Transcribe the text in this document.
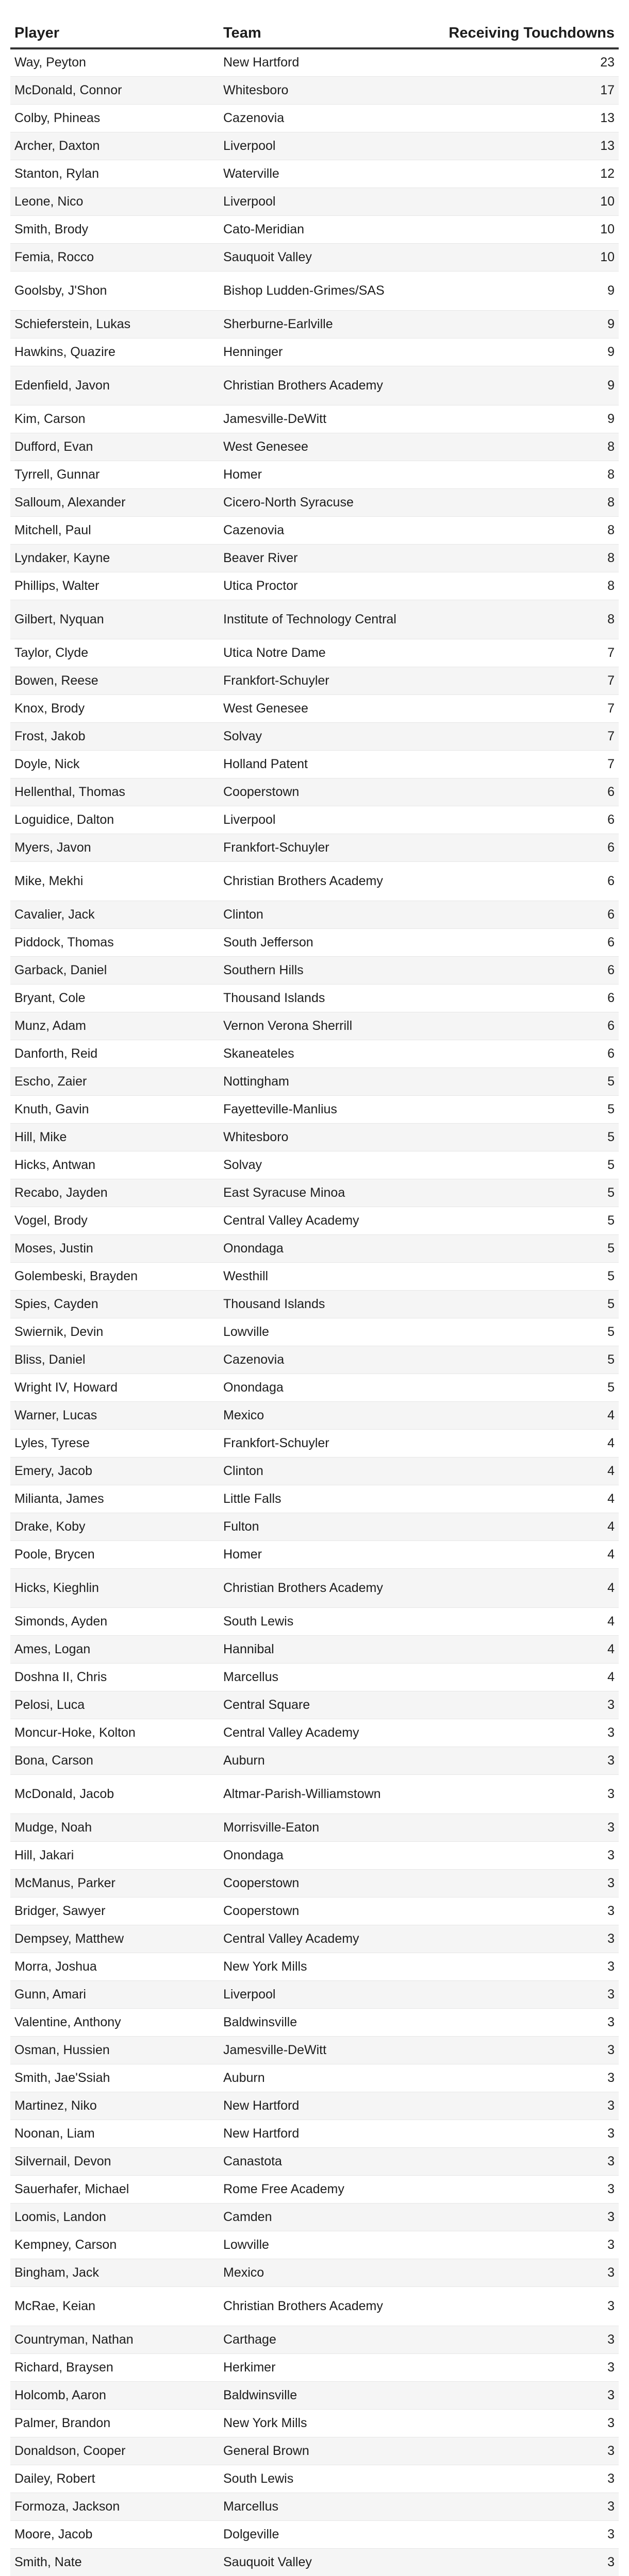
Player	Team	Receiving Touchdowns
Way, Peyton	New Hartford	23
McDonald, Connor	Whitesboro	17
Colby, Phineas	Cazenovia	13
Archer, Daxton	Liverpool	13
Stanton, Rylan	Waterville	12
Leone, Nico	Liverpool	10
Smith, Brody	Cato-Meridian	10
Femia, Rocco	Sauquoit Valley	10
Goolsby, J'Shon	Bishop Ludden-Grimes/SAS	9
Schieferstein, Lukas	Sherburne-Earlville	9
Hawkins, Quazire	Henninger	9
Edenfield, Javon	Christian Brothers Academy	9
Kim, Carson	Jamesville-DeWitt	9
Dufford, Evan	West Genesee	8
Tyrrell, Gunnar	Homer	8
Salloum, Alexander	Cicero-North Syracuse	8
Mitchell, Paul	Cazenovia	8
Lyndaker, Kayne	Beaver River	8
Phillips, Walter	Utica Proctor	8
Gilbert, Nyquan	Institute of Technology Central	8
Taylor, Clyde	Utica Notre Dame	7
Bowen, Reese	Frankfort-Schuyler	7
Knox, Brody	West Genesee	7
Frost, Jakob	Solvay	7
Doyle, Nick	Holland Patent	7
Hellenthal, Thomas	Cooperstown	6
Loguidice, Dalton	Liverpool	6
Myers, Javon	Frankfort-Schuyler	6
Mike, Mekhi	Christian Brothers Academy	6
Cavalier, Jack	Clinton	6
Piddock, Thomas	South Jefferson	6
Garback, Daniel	Southern Hills	6
Bryant, Cole	Thousand Islands	6
Munz, Adam	Vernon Verona Sherrill	6
Danforth, Reid	Skaneateles	6
Escho, Zaier	Nottingham	5
Knuth, Gavin	Fayetteville-Manlius	5
Hill, Mike	Whitesboro	5
Hicks, Antwan	Solvay	5
Recabo, Jayden	East Syracuse Minoa	5
Vogel, Brody	Central Valley Academy	5
Moses, Justin	Onondaga	5
Golembeski, Brayden	Westhill	5
Spies, Cayden	Thousand Islands	5
Swiernik, Devin	Lowville	5
Bliss, Daniel	Cazenovia	5
Wright IV, Howard	Onondaga	5
Warner, Lucas	Mexico	4
Lyles, Tyrese	Frankfort-Schuyler	4
Emery, Jacob	Clinton	4
Milianta, James	Little Falls	4
Drake, Koby	Fulton	4
Poole, Brycen	Homer	4
Hicks, Kieghlin	Christian Brothers Academy	4
Simonds, Ayden	South Lewis	4
Ames, Logan	Hannibal	4
Doshna II, Chris	Marcellus	4
Pelosi, Luca	Central Square	3
Moncur-Hoke, Kolton	Central Valley Academy	3
Bona, Carson	Auburn	3
McDonald, Jacob	Altmar-Parish-Williamstown	3
Mudge, Noah	Morrisville-Eaton	3
Hill, Jakari	Onondaga	3
McManus, Parker	Cooperstown	3
Bridger, Sawyer	Cooperstown	3
Dempsey, Matthew	Central Valley Academy	3
Morra, Joshua	New York Mills	3
Gunn, Amari	Liverpool	3
Valentine, Anthony	Baldwinsville	3
Osman, Hussien	Jamesville-DeWitt	3
Smith, Jae'Ssiah	Auburn	3
Martinez, Niko	New Hartford	3
Noonan, Liam	New Hartford	3
Silvernail, Devon	Canastota	3
Sauerhafer, Michael	Rome Free Academy	3
Loomis, Landon	Camden	3
Kempney, Carson	Lowville	3
Bingham, Jack	Mexico	3
McRae, Keian	Christian Brothers Academy	3
Countryman, Nathan	Carthage	3
Richard, Braysen	Herkimer	3
Holcomb, Aaron	Baldwinsville	3
Palmer, Brandon	New York Mills	3
Donaldson, Cooper	General Brown	3
Dailey, Robert	South Lewis	3
Formoza, Jackson	Marcellus	3
Moore, Jacob	Dolgeville	3
Smith, Nate	Sauquoit Valley	3
